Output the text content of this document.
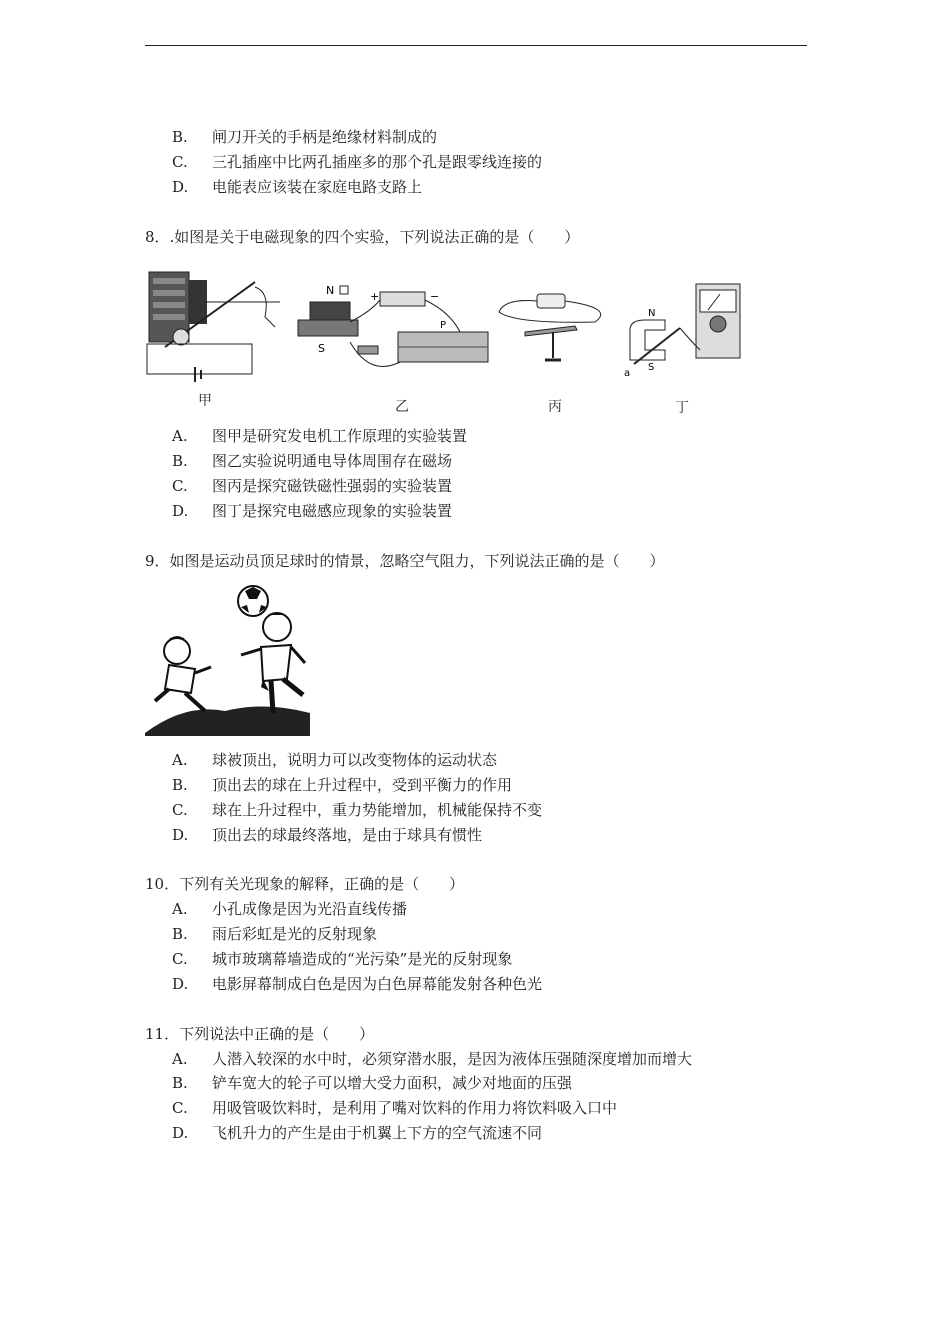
B. 闸刀开关的手柄是绝缘材料制成的
C. 三孔插座中比两孔插座多的那个孔是跟零线连接的
D. 电能表应该装在家庭电路支路上
8．.如图是关于电磁现象的四个实验，下列说法正确的是（　　）
甲
N
S
+	−
P
乙	丙
N
S
a
丁
A. 图甲是研究发电机工作原理的实验装置
B. 图乙实验说明通电导体周围存在磁场
C. 图丙是探究磁铁磁性强弱的实验装置
D. 图丁是探究电磁感应现象的实验装置
9．如图是运动员顶足球时的情景，忽略空气阻力，下列说法正确的是（　　）
A. 球被顶出，说明力可以改变物体的运动状态
B. 顶出去的球在上升过程中，受到平衡力的作用
C. 球在上升过程中，重力势能增加，机械能保持不变
D. 顶出去的球最终落地，是由于球具有惯性
10．下列有关光现象的解释，正确的是（　　）
A. 小孔成像是因为光沿直线传播
B. 雨后彩虹是光的反射现象
C. 城市玻璃幕墙造成的“光污染”是光的反射现象
D. 电影屏幕制成白色是因为白色屏幕能发射各种色光
11．下列说法中正确的是（　　）
A. 人潜入较深的水中时，必须穿潜水服，是因为液体压强随深度增加而增大
B. 铲车宽大的轮子可以增大受力面积，减少对地面的压强
C. 用吸管吸饮料时，是利用了嘴对饮料的作用力将饮料吸入口中
D. 飞机升力的产生是由于机翼上下方的空气流速不同
